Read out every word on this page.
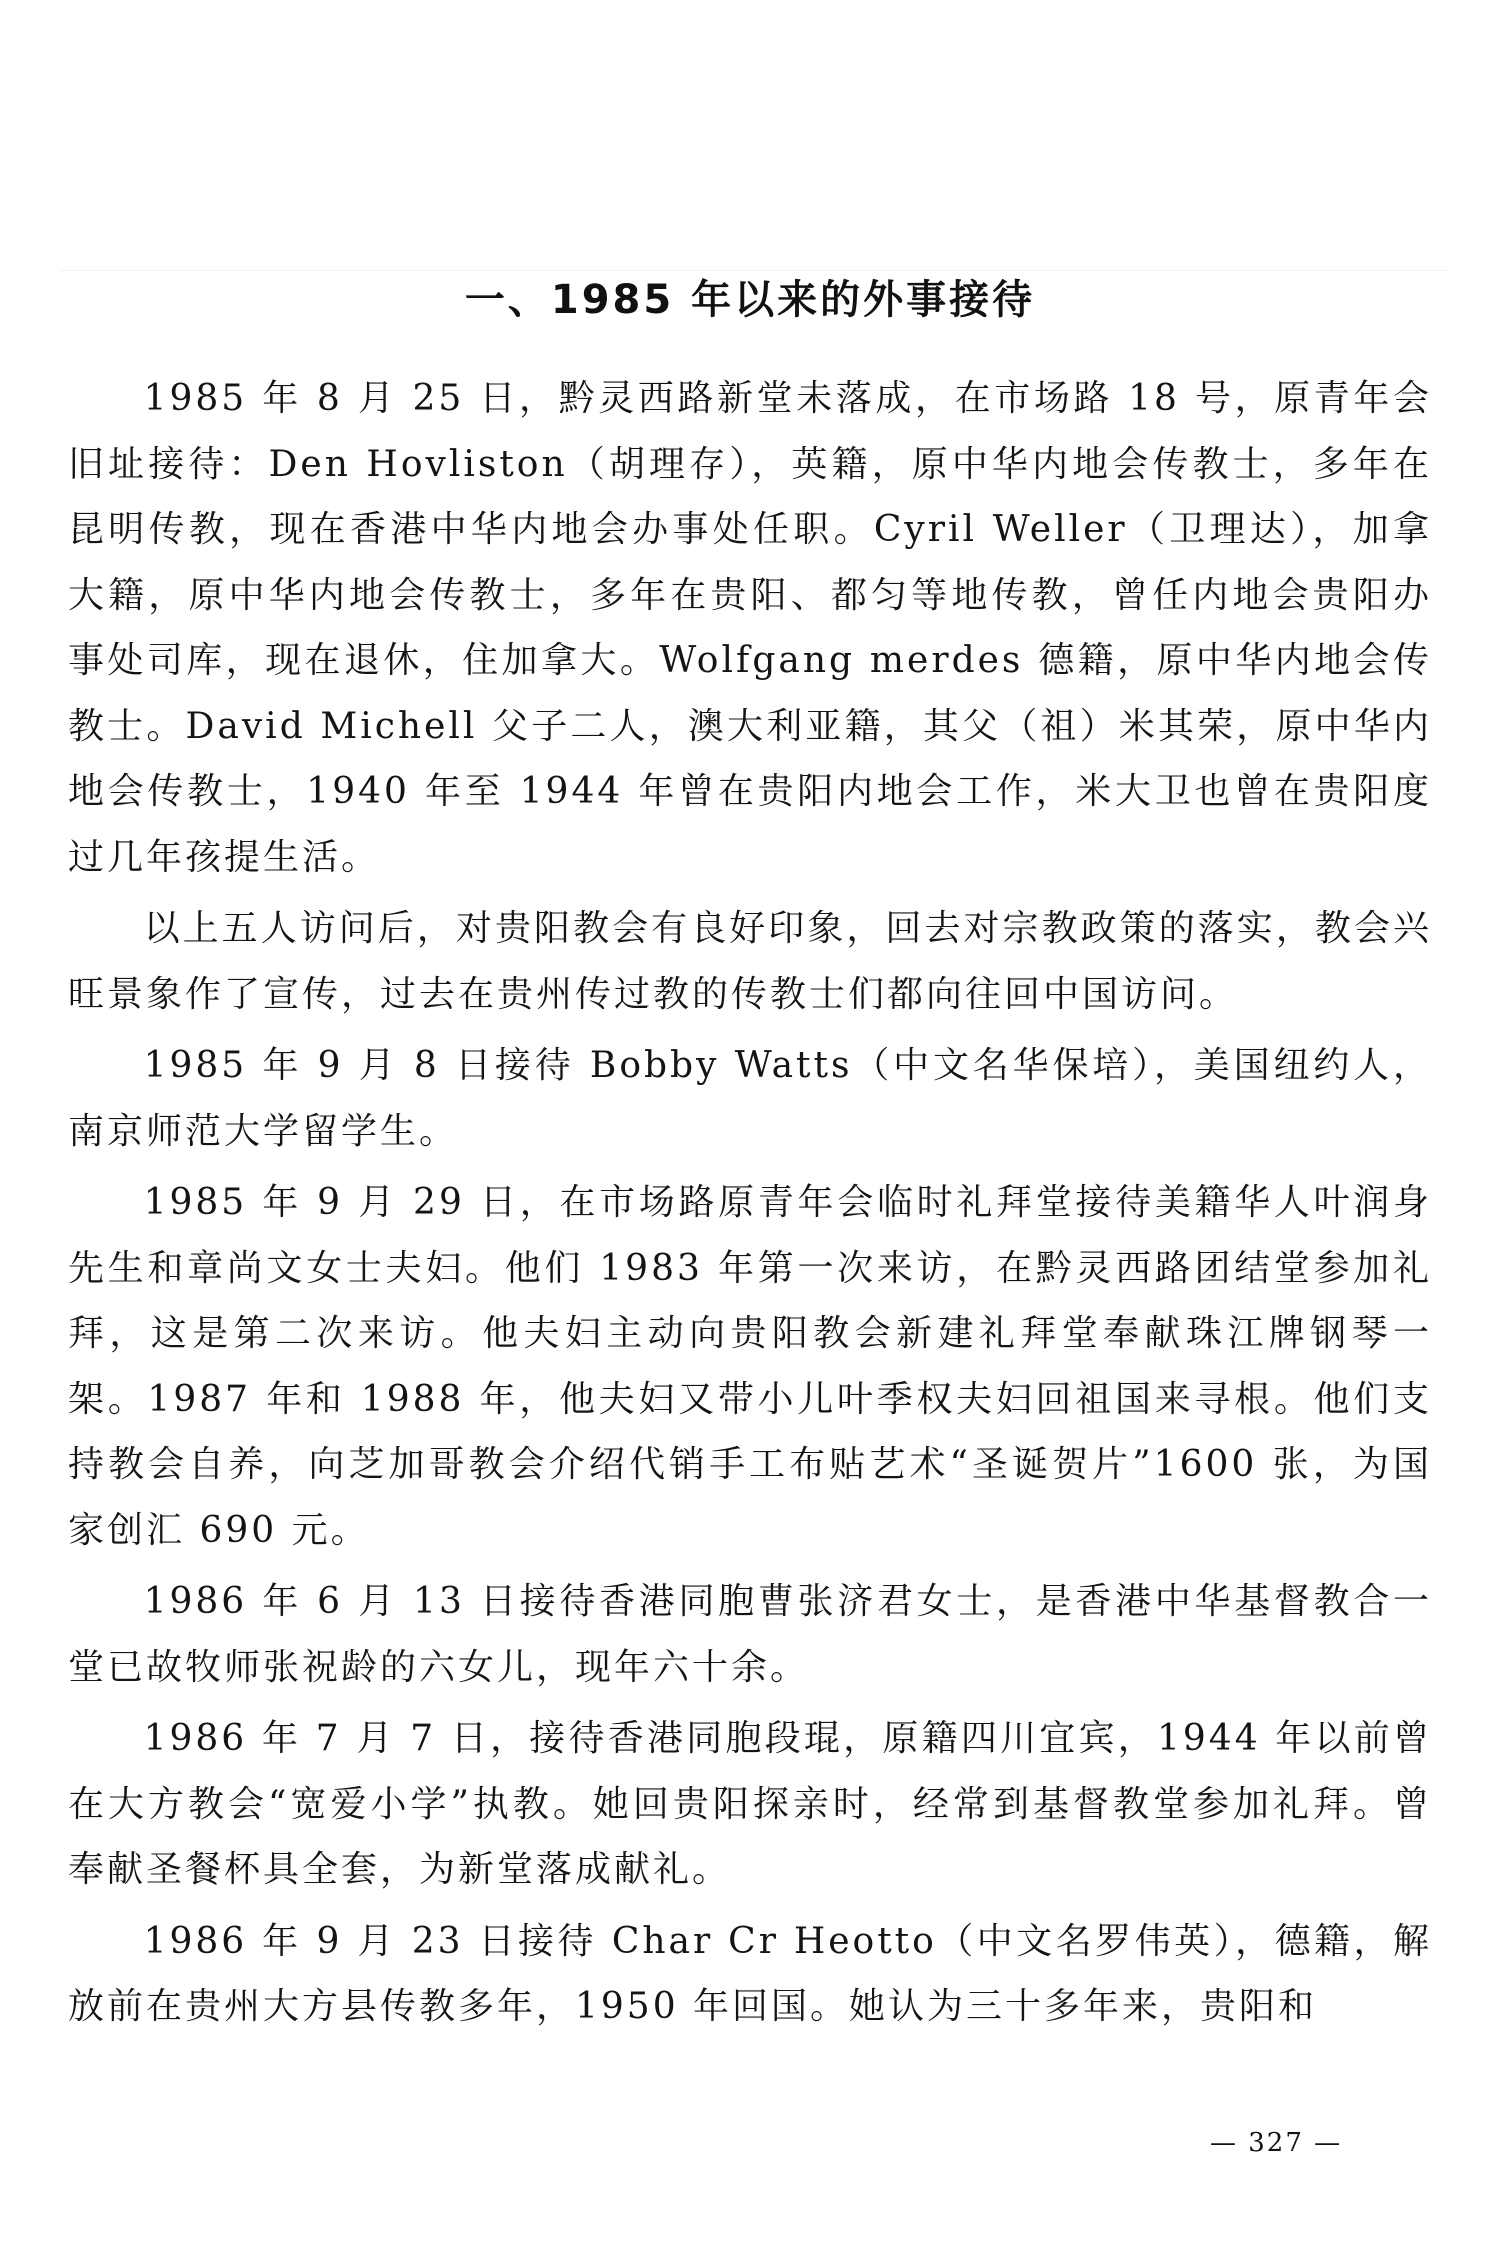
一、1985 年以来的外事接待

1985 年 8 月 25 日，黔灵西路新堂未落成，在市场路 18 号，原青年会旧址接待：Den Hovliston（胡理存），英籍，原中华内地会传教士，多年在昆明传教，现在香港中华内地会办事处任职。Cyril Weller（卫理达），加拿大籍，原中华内地会传教士，多年在贵阳、都匀等地传教，曾任内地会贵阳办事处司库，现在退休，住加拿大。Wolfgang merdes 德籍，原中华内地会传教士。David Michell 父子二人，澳大利亚籍，其父（祖）米其荣，原中华内地会传教士，1940 年至 1944 年曾在贵阳内地会工作，米大卫也曾在贵阳度过几年孩提生活。

以上五人访问后，对贵阳教会有良好印象，回去对宗教政策的落实，教会兴旺景象作了宣传，过去在贵州传过教的传教士们都向往回中国访问。

1985 年 9 月 8 日接待 Bobby Watts（中文名华保培），美国纽约人，南京师范大学留学生。

1985 年 9 月 29 日，在市场路原青年会临时礼拜堂接待美籍华人叶润身先生和章尚文女士夫妇。他们 1983 年第一次来访，在黔灵西路团结堂参加礼拜，这是第二次来访。他夫妇主动向贵阳教会新建礼拜堂奉献珠江牌钢琴一架。1987 年和 1988 年，他夫妇又带小儿叶季权夫妇回祖国来寻根。他们支持教会自养，向芝加哥教会介绍代销手工布贴艺术“圣诞贺片”1600 张，为国家创汇 690 元。

1986 年 6 月 13 日接待香港同胞曹张济君女士，是香港中华基督教合一堂已故牧师张祝龄的六女儿，现年六十余。

1986 年 7 月 7 日，接待香港同胞段琨，原籍四川宜宾，1944 年以前曾在大方教会“宽爱小学”执教。她回贵阳探亲时，经常到基督教堂参加礼拜。曾奉献圣餐杯具全套，为新堂落成献礼。

1986 年 9 月 23 日接待 Char Cr Heotto（中文名罗伟英），德籍，解放前在贵州大方县传教多年，1950 年回国。她认为三十多年来，贵阳和

— 327 —
